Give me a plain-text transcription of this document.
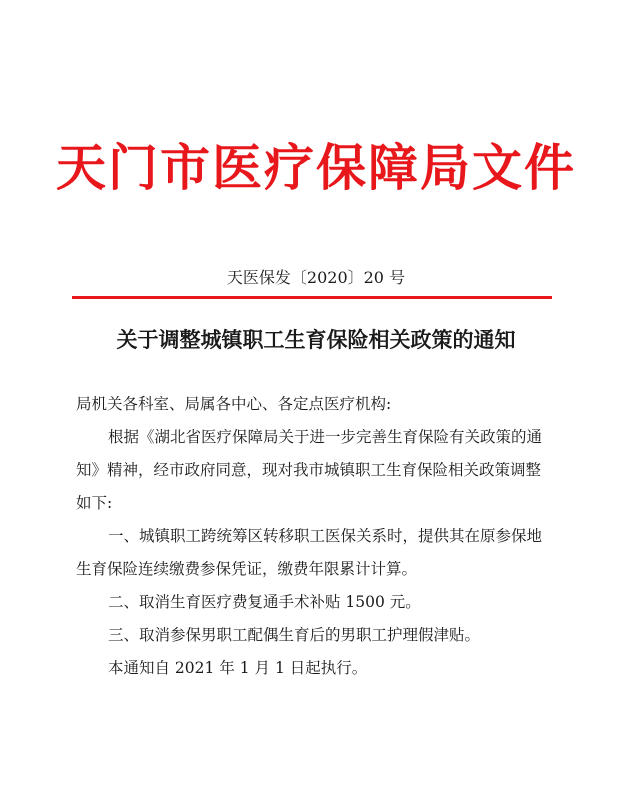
天门市医疗保障局文件
天医保发〔2020〕20 号
关于调整城镇职工生育保险相关政策的通知

局机关各科室、局属各中心、各定点医疗机构:

根据《湖北省医疗保障局关于进一步完善生育保险有关政策的通知》精神，经市政府同意，现对我市城镇职工生育保险相关政策调整如下:

一、城镇职工跨统筹区转移职工医保关系时，提供其在原参保地生育保险连续缴费参保凭证，缴费年限累计计算。

二、取消生育医疗费复通手术补贴 1500 元。

三、取消参保男职工配偶生育后的男职工护理假津贴。

本通知自 2021 年 1 月 1 日起执行。
